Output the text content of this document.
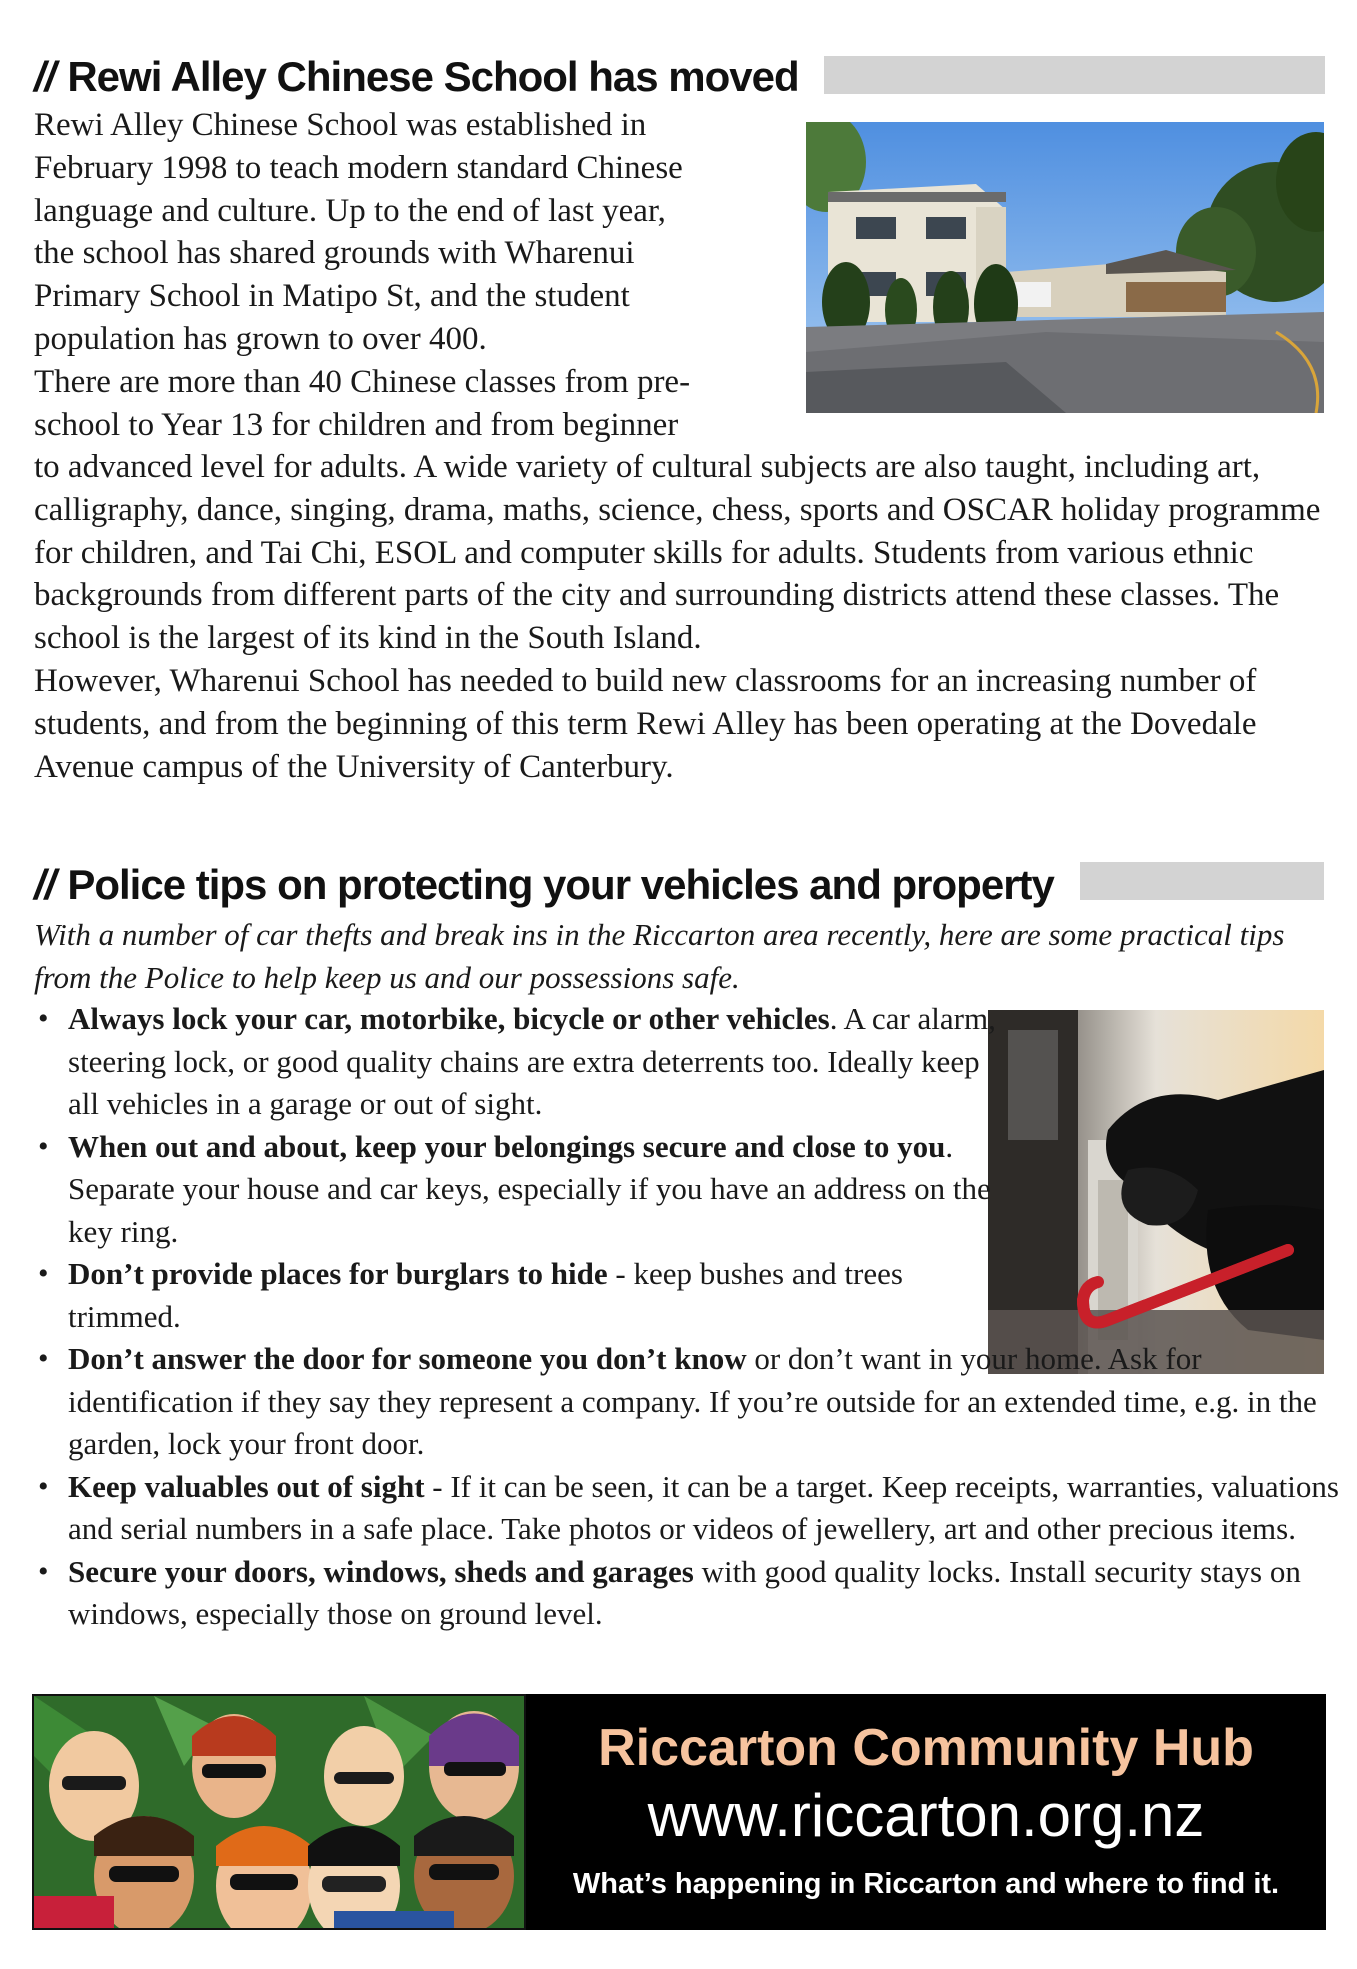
// Rewi Alley Chinese School has moved
Rewi Alley Chinese School was established in
February 1998 to teach modern standard Chinese
language and culture. Up to the end of last year,
the school has shared grounds with Wharenui
Primary School in Matipo St, and the student
population has grown to over 400.
There are more than 40 Chinese classes from pre-
school to Year 13 for children and from beginner

to advanced level for adults. A wide variety of cultural subjects are also taught, including art, calligraphy, dance, singing, drama, maths, science, chess, sports and OSCAR holiday programme for children, and Tai Chi, ESOL and computer skills for adults. Students from various ethnic backgrounds from different parts of the city and surrounding districts attend these classes. The school is the largest of its kind in the South Island.

However, Wharenui School has needed to build new classrooms for an increasing number of students, and from the beginning of this term Rewi Alley has been operating at the Dovedale Avenue campus of the University of Canterbury.

// Police tips on protecting your vehicles and property

With a number of car thefts and break ins in the Riccarton area recently, here are some practical tips from the Police to help keep us and our possessions safe.

• Always lock your car, motorbike, bicycle or other vehicles. A car alarm, steering lock, or good quality chains are extra deterrents too. Ideally keep all vehicles in a garage or out of sight.
• When out and about, keep your belongings secure and close to you. Separate your house and car keys, especially if you have an address on the key ring.
• Don’t provide places for burglars to hide - keep bushes and trees trimmed.
• Don’t answer the door for someone you don’t know or don’t want in your home. Ask for identification if they say they represent a company. If you’re outside for an extended time, e.g. in the garden, lock your front door.
• Keep valuables out of sight - If it can be seen, it can be a target. Keep receipts, warranties, valuations and serial numbers in a safe place. Take photos or videos of jewellery, art and other precious items.
• Secure your doors, windows, sheds and garages with good quality locks. Install security stays on windows, especially those on ground level.
Riccarton Community Hub
www.riccarton.org.nz
What’s happening in Riccarton and where to find it.
